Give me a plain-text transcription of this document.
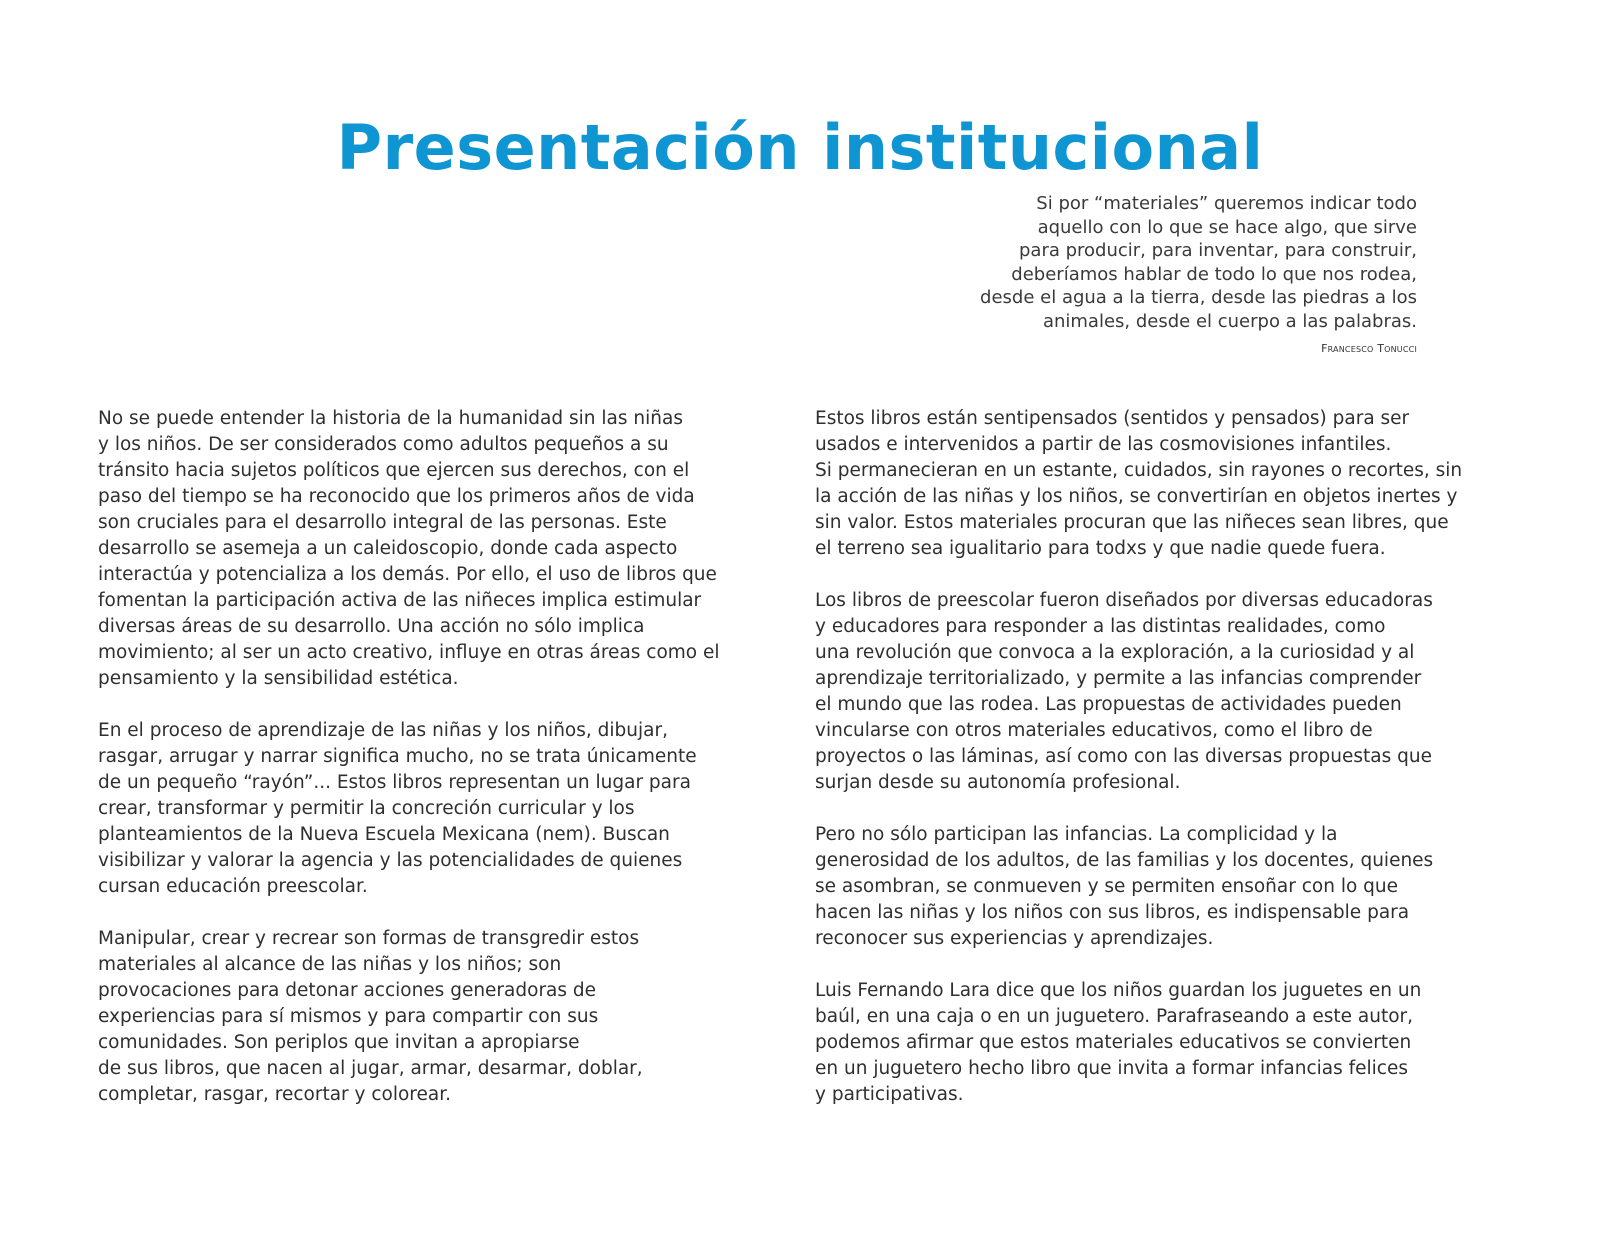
Presentación institucional
Si por “materiales” queremos indicar todo
aquello con lo que se hace algo, que sirve
para producir, para inventar, para construir,
deberíamos hablar de todo lo que nos rodea,
desde el agua a la tierra, desde las piedras a los
animales, desde el cuerpo a las palabras.
Francesco Tonucci

No se puede entender la historia de la humanidad sin las niñas
y los niños. De ser considerados como adultos pequeños a su
tránsito hacia sujetos políticos que ejercen sus derechos, con el
paso del tiempo se ha reconocido que los primeros años de vida
son cruciales para el desarrollo integral de las personas. Este
desarrollo se asemeja a un caleidoscopio, donde cada aspecto
interactúa y potencializa a los demás. Por ello, el uso de libros que
fomentan la participación activa de las niñeces implica estimular
diversas áreas de su desarrollo. Una acción no sólo implica
movimiento; al ser un acto creativo, influye en otras áreas como el
pensamiento y la sensibilidad estética.

En el proceso de aprendizaje de las niñas y los niños, dibujar,
rasgar, arrugar y narrar significa mucho, no se trata únicamente
de un pequeño “rayón”... Estos libros representan un lugar para
crear, transformar y permitir la concreción curricular y los
planteamientos de la Nueva Escuela Mexicana (nem). Buscan
visibilizar y valorar la agencia y las potencialidades de quienes
cursan educación preescolar.

Manipular, crear y recrear son formas de transgredir estos
materiales al alcance de las niñas y los niños; son
provocaciones para detonar acciones generadoras de
experiencias para sí mismos y para compartir con sus
comunidades. Son periplos que invitan a apropiarse
de sus libros, que nacen al jugar, armar, desarmar, doblar,
completar, rasgar, recortar y colorear.

Estos libros están sentipensados (sentidos y pensados) para ser
usados e intervenidos a partir de las cosmovisiones infantiles.
Si permanecieran en un estante, cuidados, sin rayones o recortes, sin
la acción de las niñas y los niños, se convertirían en objetos inertes y
sin valor. Estos materiales procuran que las niñeces sean libres, que
el terreno sea igualitario para todxs y que nadie quede fuera.

Los libros de preescolar fueron diseñados por diversas educadoras
y educadores para responder a las distintas realidades, como
una revolución que convoca a la exploración, a la curiosidad y al
aprendizaje territorializado, y permite a las infancias comprender
el mundo que las rodea. Las propuestas de actividades pueden
vincularse con otros materiales educativos, como el libro de
proyectos o las láminas, así como con las diversas propuestas que
surjan desde su autonomía profesional.

Pero no sólo participan las infancias. La complicidad y la
generosidad de los adultos, de las familias y los docentes, quienes
se asombran, se conmueven y se permiten ensoñar con lo que
hacen las niñas y los niños con sus libros, es indispensable para
reconocer sus experiencias y aprendizajes.

Luis Fernando Lara dice que los niños guardan los juguetes en un
baúl, en una caja o en un juguetero. Parafraseando a este autor,
podemos afirmar que estos materiales educativos se convierten
en un juguetero hecho libro que invita a formar infancias felices
y participativas.
